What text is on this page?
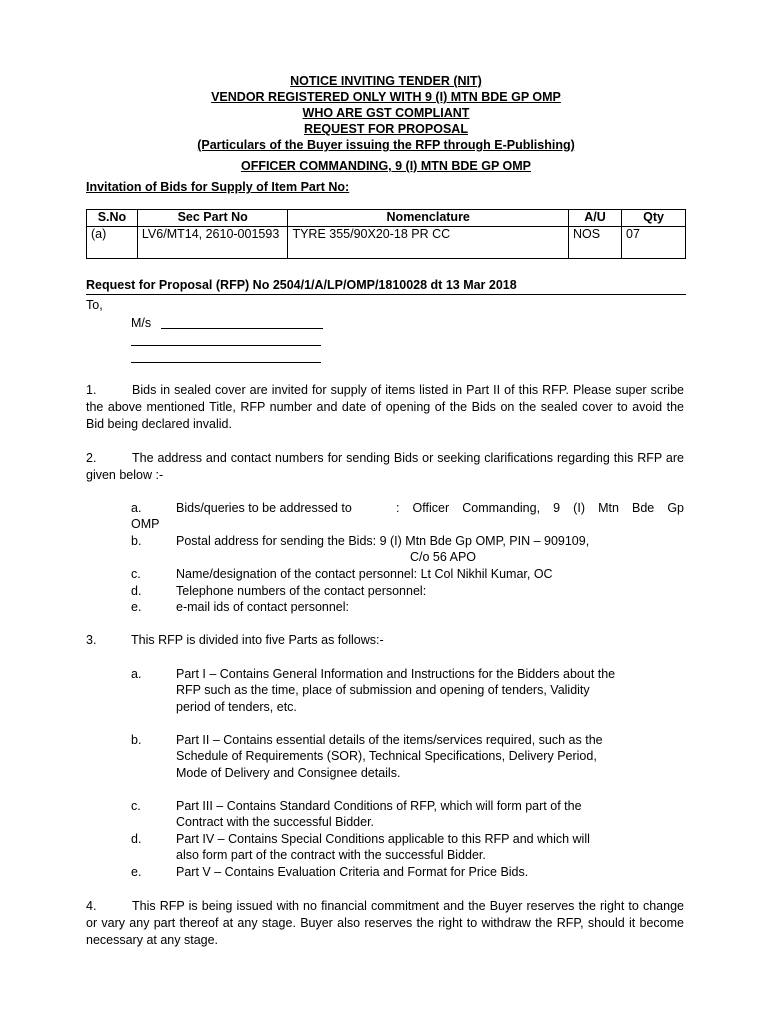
NOTICE INVITING TENDER (NIT)
VENDOR REGISTERED ONLY WITH 9 (I) MTN BDE GP OMP
WHO ARE GST COMPLIANT
REQUEST FOR PROPOSAL
(Particulars of the Buyer issuing the RFP through E-Publishing)
OFFICER COMMANDING, 9 (I) MTN BDE GP OMP
Invitation of Bids for Supply of Item Part No:
S.No	Sec Part No	Nomenclature	A/U	Qty
(a)	LV6/MT14, 2610-001593	TYRE 355/90X20-18 PR CC	NOS	07
Request for Proposal (RFP) No 2504/1/A/LP/OMP/1810028 dt 13 Mar 2018
To,
M/s
1.	Bids in sealed cover are invited for supply of items listed in Part II of this RFP. Please super scribe the above mentioned Title, RFP number and date of opening of the Bids on the sealed cover to avoid the Bid being declared invalid.
2.	The address and contact numbers for sending Bids or seeking clarifications regarding this RFP are given below :-
a.	Bids/queries to be addressed to	: Officer Commanding, 9 (I) Mtn Bde Gp
OMP
b.	Postal address for sending the Bids: 9 (I) Mtn Bde Gp OMP, PIN – 909109,
C/o 56 APO
c.	Name/designation of the contact personnel: Lt Col Nikhil Kumar, OC
d.	Telephone numbers of the contact personnel:
e.	e-mail ids of contact personnel:
3.	This RFP is divided into five Parts as follows:-
a.	Part I – Contains General Information and Instructions for the Bidders about the
RFP such as the time, place of submission and opening of tenders, Validity
period of tenders, etc.
b.	Part II – Contains essential details of the items/services required, such as the
Schedule of Requirements (SOR), Technical Specifications, Delivery Period,
Mode of Delivery and Consignee details.
c.	Part III – Contains Standard Conditions of RFP, which will form part of the
Contract with the successful Bidder.
d.	Part IV – Contains Special Conditions applicable to this RFP and which will
also form part of the contract with the successful Bidder.
e.	Part V – Contains Evaluation Criteria and Format for Price Bids.
4.	This RFP is being issued with no financial commitment and the Buyer reserves the right to change or vary any part thereof at any stage. Buyer also reserves the right to withdraw the RFP, should it become necessary at any stage.
